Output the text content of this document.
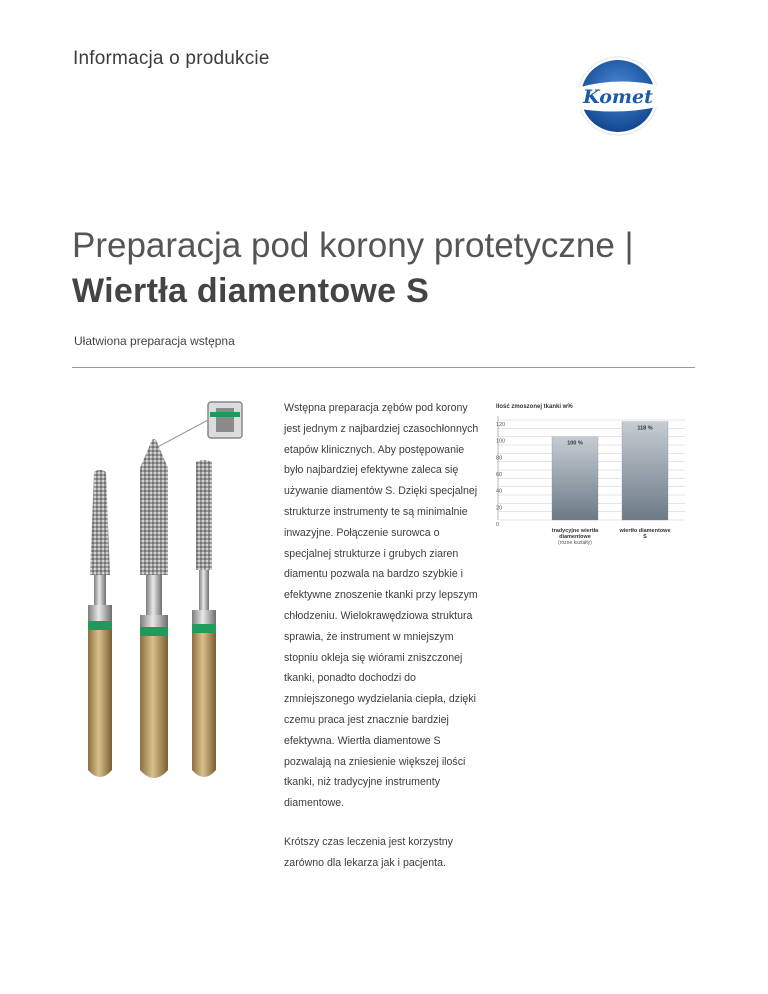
Informacja o produkcie
Komet
Preparacja pod korony protetyczne |
Wiertła diamentowe S
Ułatwiona preparacja wstępna

Wstępna preparacja zębów pod korony jest jednym z najbardziej czasochłonnych etapów klinicznych. Aby postępowanie było najbardziej efektywne zaleca się używanie diamentów S. Dzięki specjalnej strukturze instrumenty te są minimalnie inwazyjne. Połączenie surowca o specjalnej strukturze i grubych ziaren diamentu pozwala na bardzo szybkie i efektywne znoszenie tkanki przy lepszym chłodzeniu. Wielokrawędziowa struktura sprawia, że instrument w mniejszym stopniu okleja się wiórami zniszczonej tkanki, ponadto dochodzi do zmniejszonego wydzielania ciepła, dzięki czemu praca jest znacznie bardziej efektywna. Wiertła diamentowe S pozwalają na zniesienie większej ilości tkanki, niż tradycyjne instrumenty diamentowe.

Krótszy czas leczenia jest korzystny zarówno dla lekarza jak i pacjenta.

Ilość zmoszonej tkanki w%
0
20
40
60
80
100
120
100 %
tradycyjne wiertła
diamentowe
(różne kształty)
118 %
wiertło diamentowe
S
